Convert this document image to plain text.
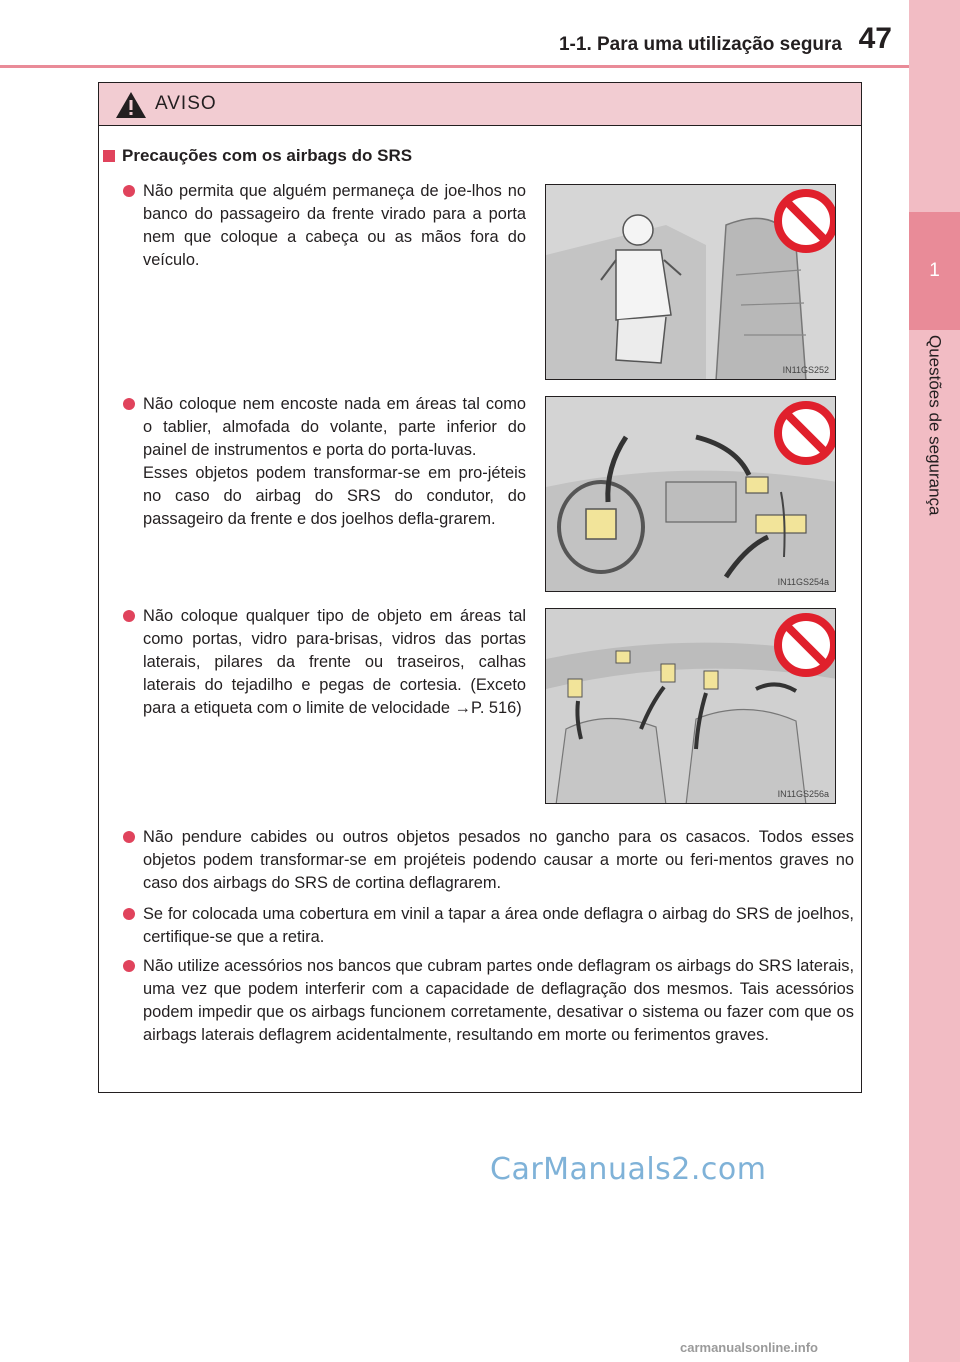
1
Questões de segurança
1-1. Para uma utilização segura 47
AVISO
Precauções com os airbags do SRS
Não permita que alguém permaneça de joe-lhos no banco do passageiro da frente virado para a porta nem que coloque a cabeça ou as mãos fora do veículo.
Não coloque nem encoste nada em áreas tal como o tablier, almofada do volante, parte inferior do painel de instrumentos e porta do porta-luvas.
Esses objetos podem transformar-se em pro-jéteis no caso do airbag do SRS do condutor, do passageiro da frente e dos joelhos defla-grarem.
Não coloque qualquer tipo de objeto em áreas tal como portas, vidro para-brisas, vidros das portas laterais, pilares da frente ou traseiros, calhas laterais do tejadilho e pegas de cortesia. (Exceto para a etiqueta com o limite de velocidade →P. 516)
Não pendure cabides ou outros objetos pesados no gancho para os casacos. Todos esses objetos podem transformar-se em projéteis podendo causar a morte ou feri-mentos graves no caso dos airbags do SRS de cortina deflagrarem.
Se for colocada uma cobertura em vinil a tapar a área onde deflagra o airbag do SRS de joelhos, certifique-se que a retira.
Não utilize acessórios nos bancos que cubram partes onde deflagram os airbags do SRS laterais, uma vez que podem interferir com a capacidade de deflagração dos mesmos. Tais acessórios podem impedir que os airbags funcionem corretamente, desativar o sistema ou fazer com que os airbags laterais deflagrem acidentalmente, resultando em morte ou ferimentos graves.
IN11GS252
IN11GS254a
IN11GS256a
CarManuals2.com
carmanualsonline.info
